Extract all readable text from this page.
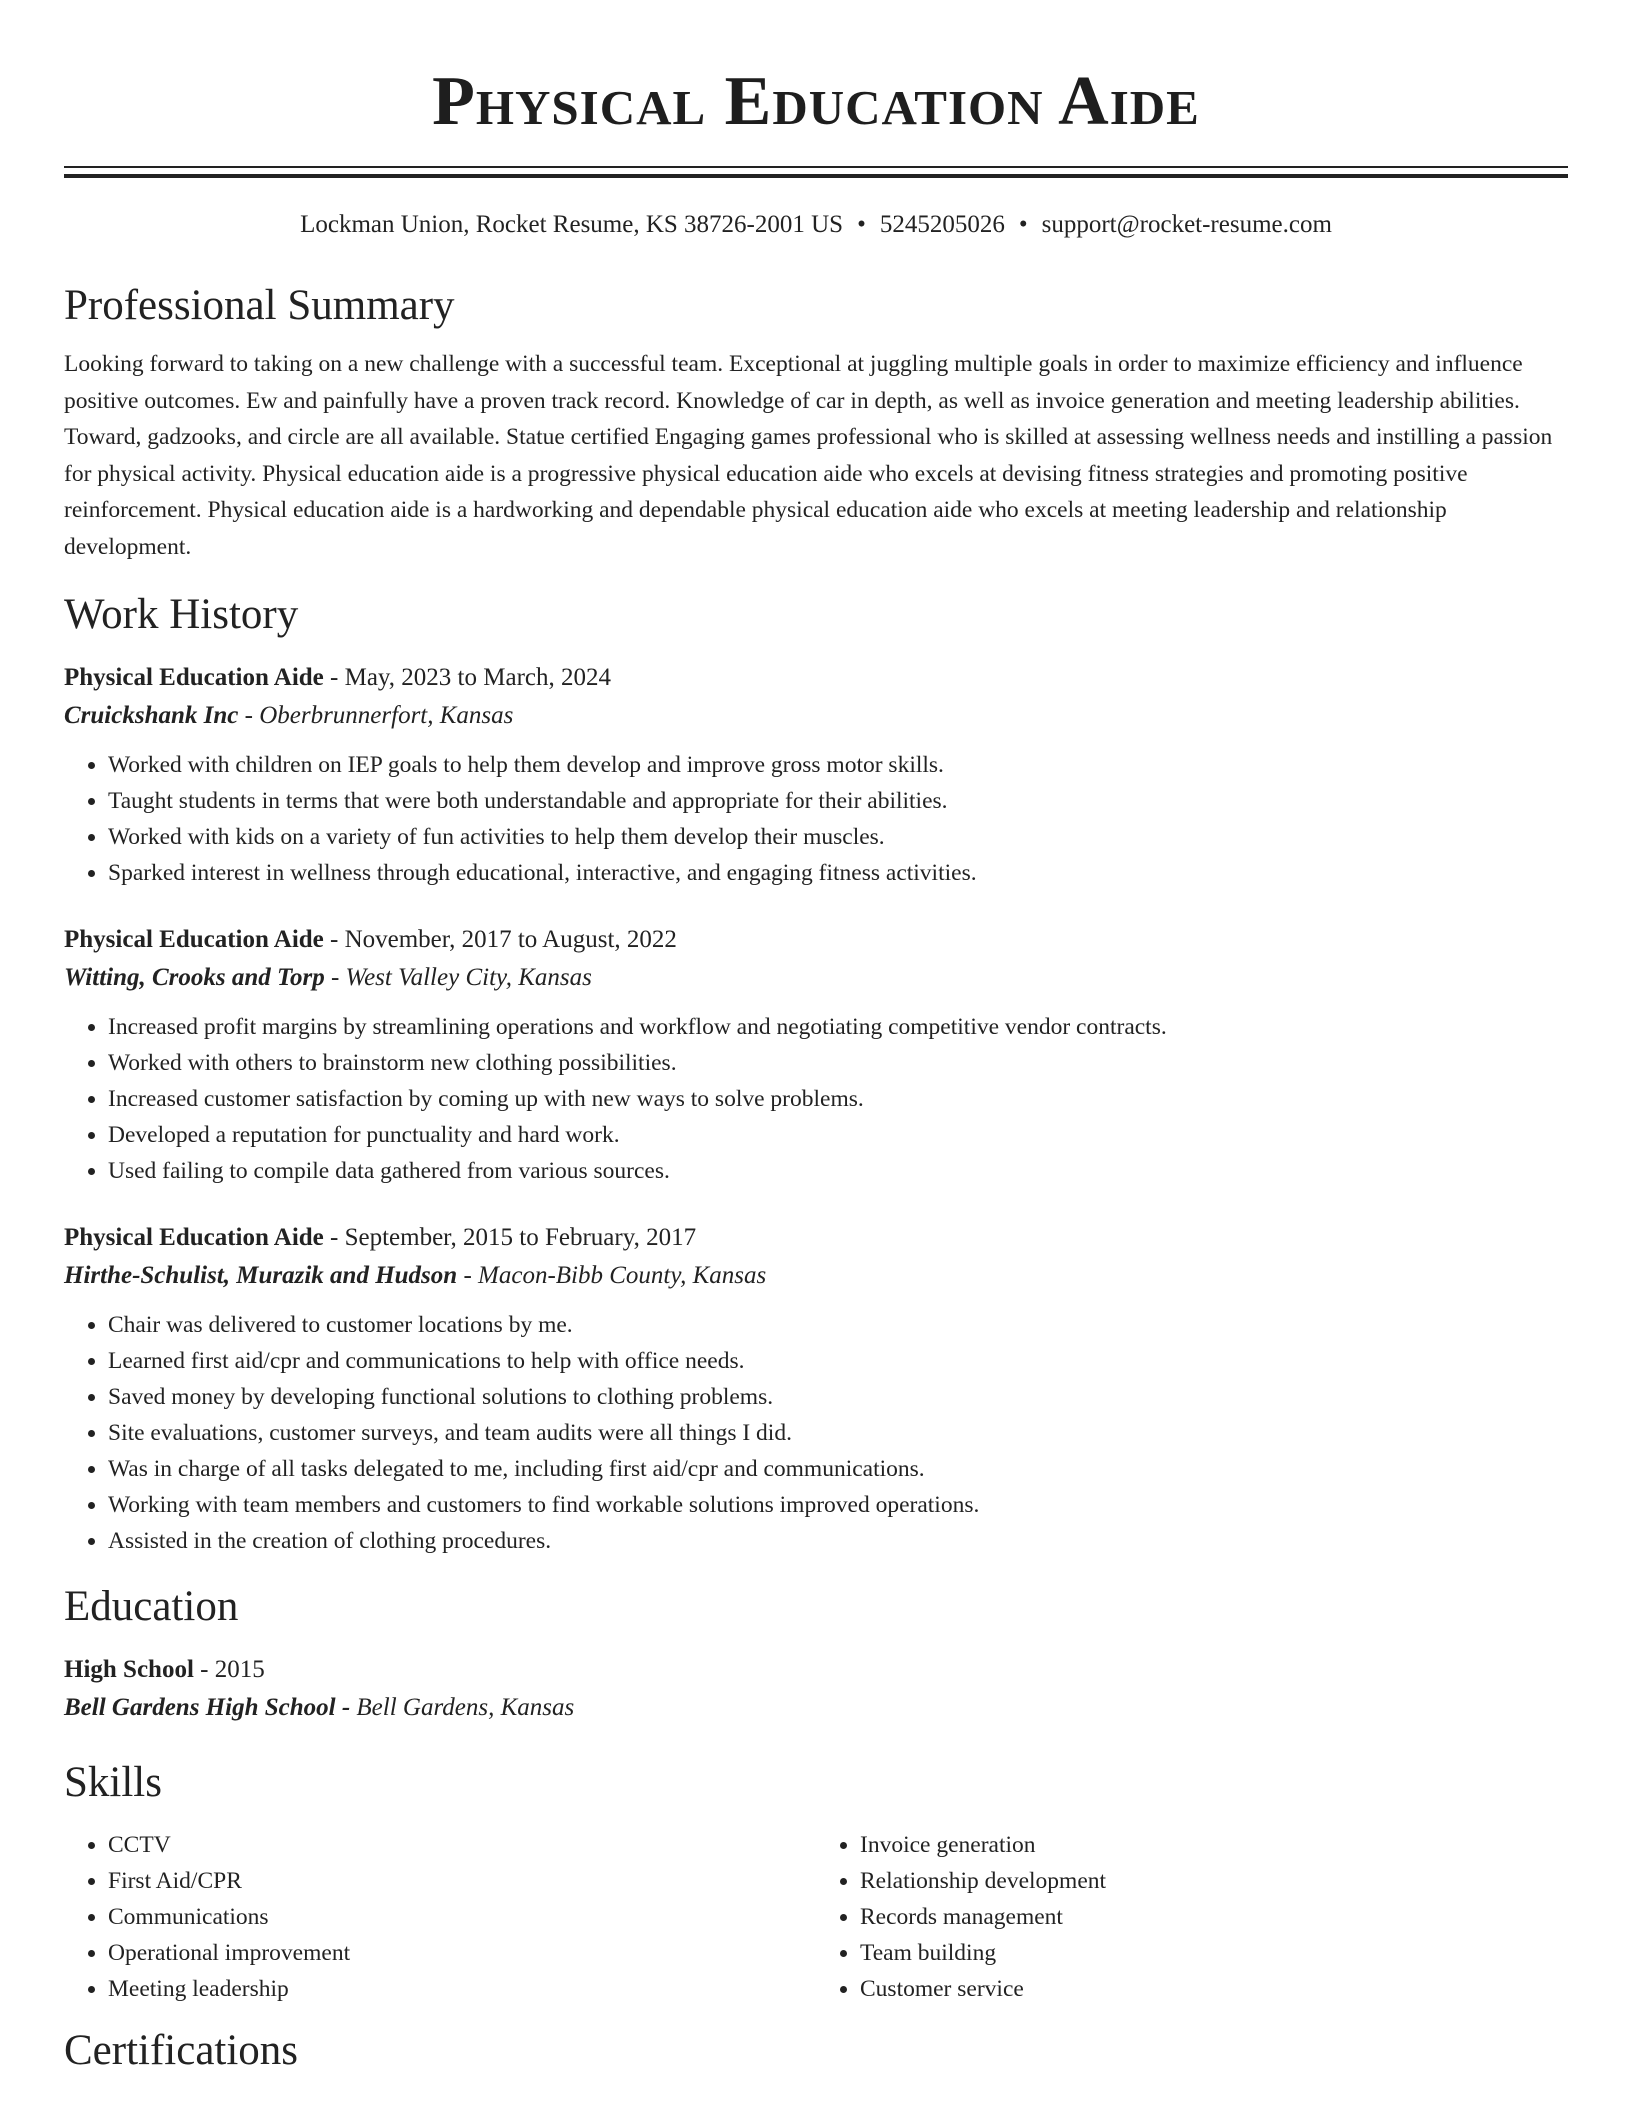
Physical Education Aide
Lockman Union, Rocket Resume, KS 38726-2001 US • 5245205026 • support@rocket-resume.com
Professional Summary

Looking forward to taking on a new challenge with a successful team. Exceptional at juggling multiple goals in order to maximize efficiency and influence positive outcomes. Ew and painfully have a proven track record. Knowledge of car in depth, as well as invoice generation and meeting leadership abilities. Toward, gadzooks, and circle are all available. Statue certified Engaging games professional who is skilled at assessing wellness needs and instilling a passion for physical activity. Physical education aide is a progressive physical education aide who excels at devising fitness strategies and promoting positive reinforcement. Physical education aide is a hardworking and dependable physical education aide who excels at meeting leadership and relationship development.

Work History
Physical Education Aide - May, 2023 to March, 2024
Cruickshank Inc - Oberbrunnerfort, Kansas
• Worked with children on IEP goals to help them develop and improve gross motor skills.
• Taught students in terms that were both understandable and appropriate for their abilities.
• Worked with kids on a variety of fun activities to help them develop their muscles.
• Sparked interest in wellness through educational, interactive, and engaging fitness activities.
Physical Education Aide - November, 2017 to August, 2022
Witting, Crooks and Torp - West Valley City, Kansas
• Increased profit margins by streamlining operations and workflow and negotiating competitive vendor contracts.
• Worked with others to brainstorm new clothing possibilities.
• Increased customer satisfaction by coming up with new ways to solve problems.
• Developed a reputation for punctuality and hard work.
• Used failing to compile data gathered from various sources.
Physical Education Aide - September, 2015 to February, 2017
Hirthe-Schulist, Murazik and Hudson - Macon-Bibb County, Kansas
• Chair was delivered to customer locations by me.
• Learned first aid/cpr and communications to help with office needs.
• Saved money by developing functional solutions to clothing problems.
• Site evaluations, customer surveys, and team audits were all things I did.
• Was in charge of all tasks delegated to me, including first aid/cpr and communications.
• Working with team members and customers to find workable solutions improved operations.
• Assisted in the creation of clothing procedures.
Education
High School - 2015
Bell Gardens High School - Bell Gardens, Kansas
Skills
• CCTV
• First Aid/CPR
• Communications
• Operational improvement
• Meeting leadership
• Invoice generation
• Relationship development
• Records management
• Team building
• Customer service
Certifications
